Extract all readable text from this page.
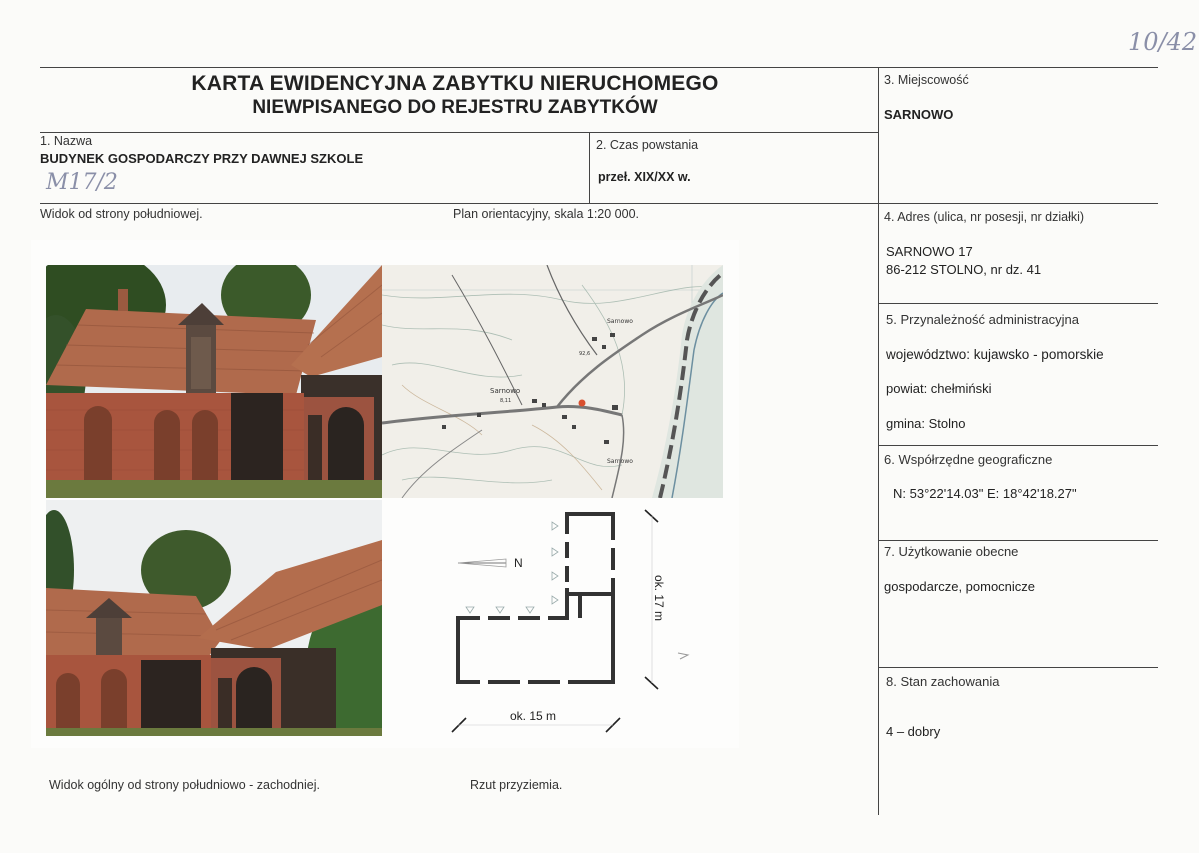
10/42
KARTA EWIDENCYJNA ZABYTKU NIERUCHOMEGO
NIEWPISANEGO DO REJESTRU ZABYTKÓW
1. Nazwa
BUDYNEK GOSPODARCZY PRZY DAWNEJ SZKOLE
M17/2
2. Czas powstania
przeł. XIX/XX w.
3. Miejscowość
SARNOWO
4. Adres (ulica, nr posesji, nr działki)
SARNOWO 17
86-212 STOLNO, nr dz. 41
5. Przynależność administracyjna
województwo: kujawsko - pomorskie
powiat: chełmiński
gmina: Stolno
6. Współrzędne geograficzne
N: 53°22'14.03" E: 18°42'18.27"
7. Użytkowanie obecne
gospodarcze, pomocnicze
8. Stan zachowania
4 – dobry
Widok od strony południowej.	Plan orientacyjny, skala 1:20 000.
Widok ogólny od strony południowo - zachodniej.	Rzut przyziemia.
Sarnowo
Sarnowo
Sarnowo
92,6
8,11
N
ok. 17 m
ok. 15 m
